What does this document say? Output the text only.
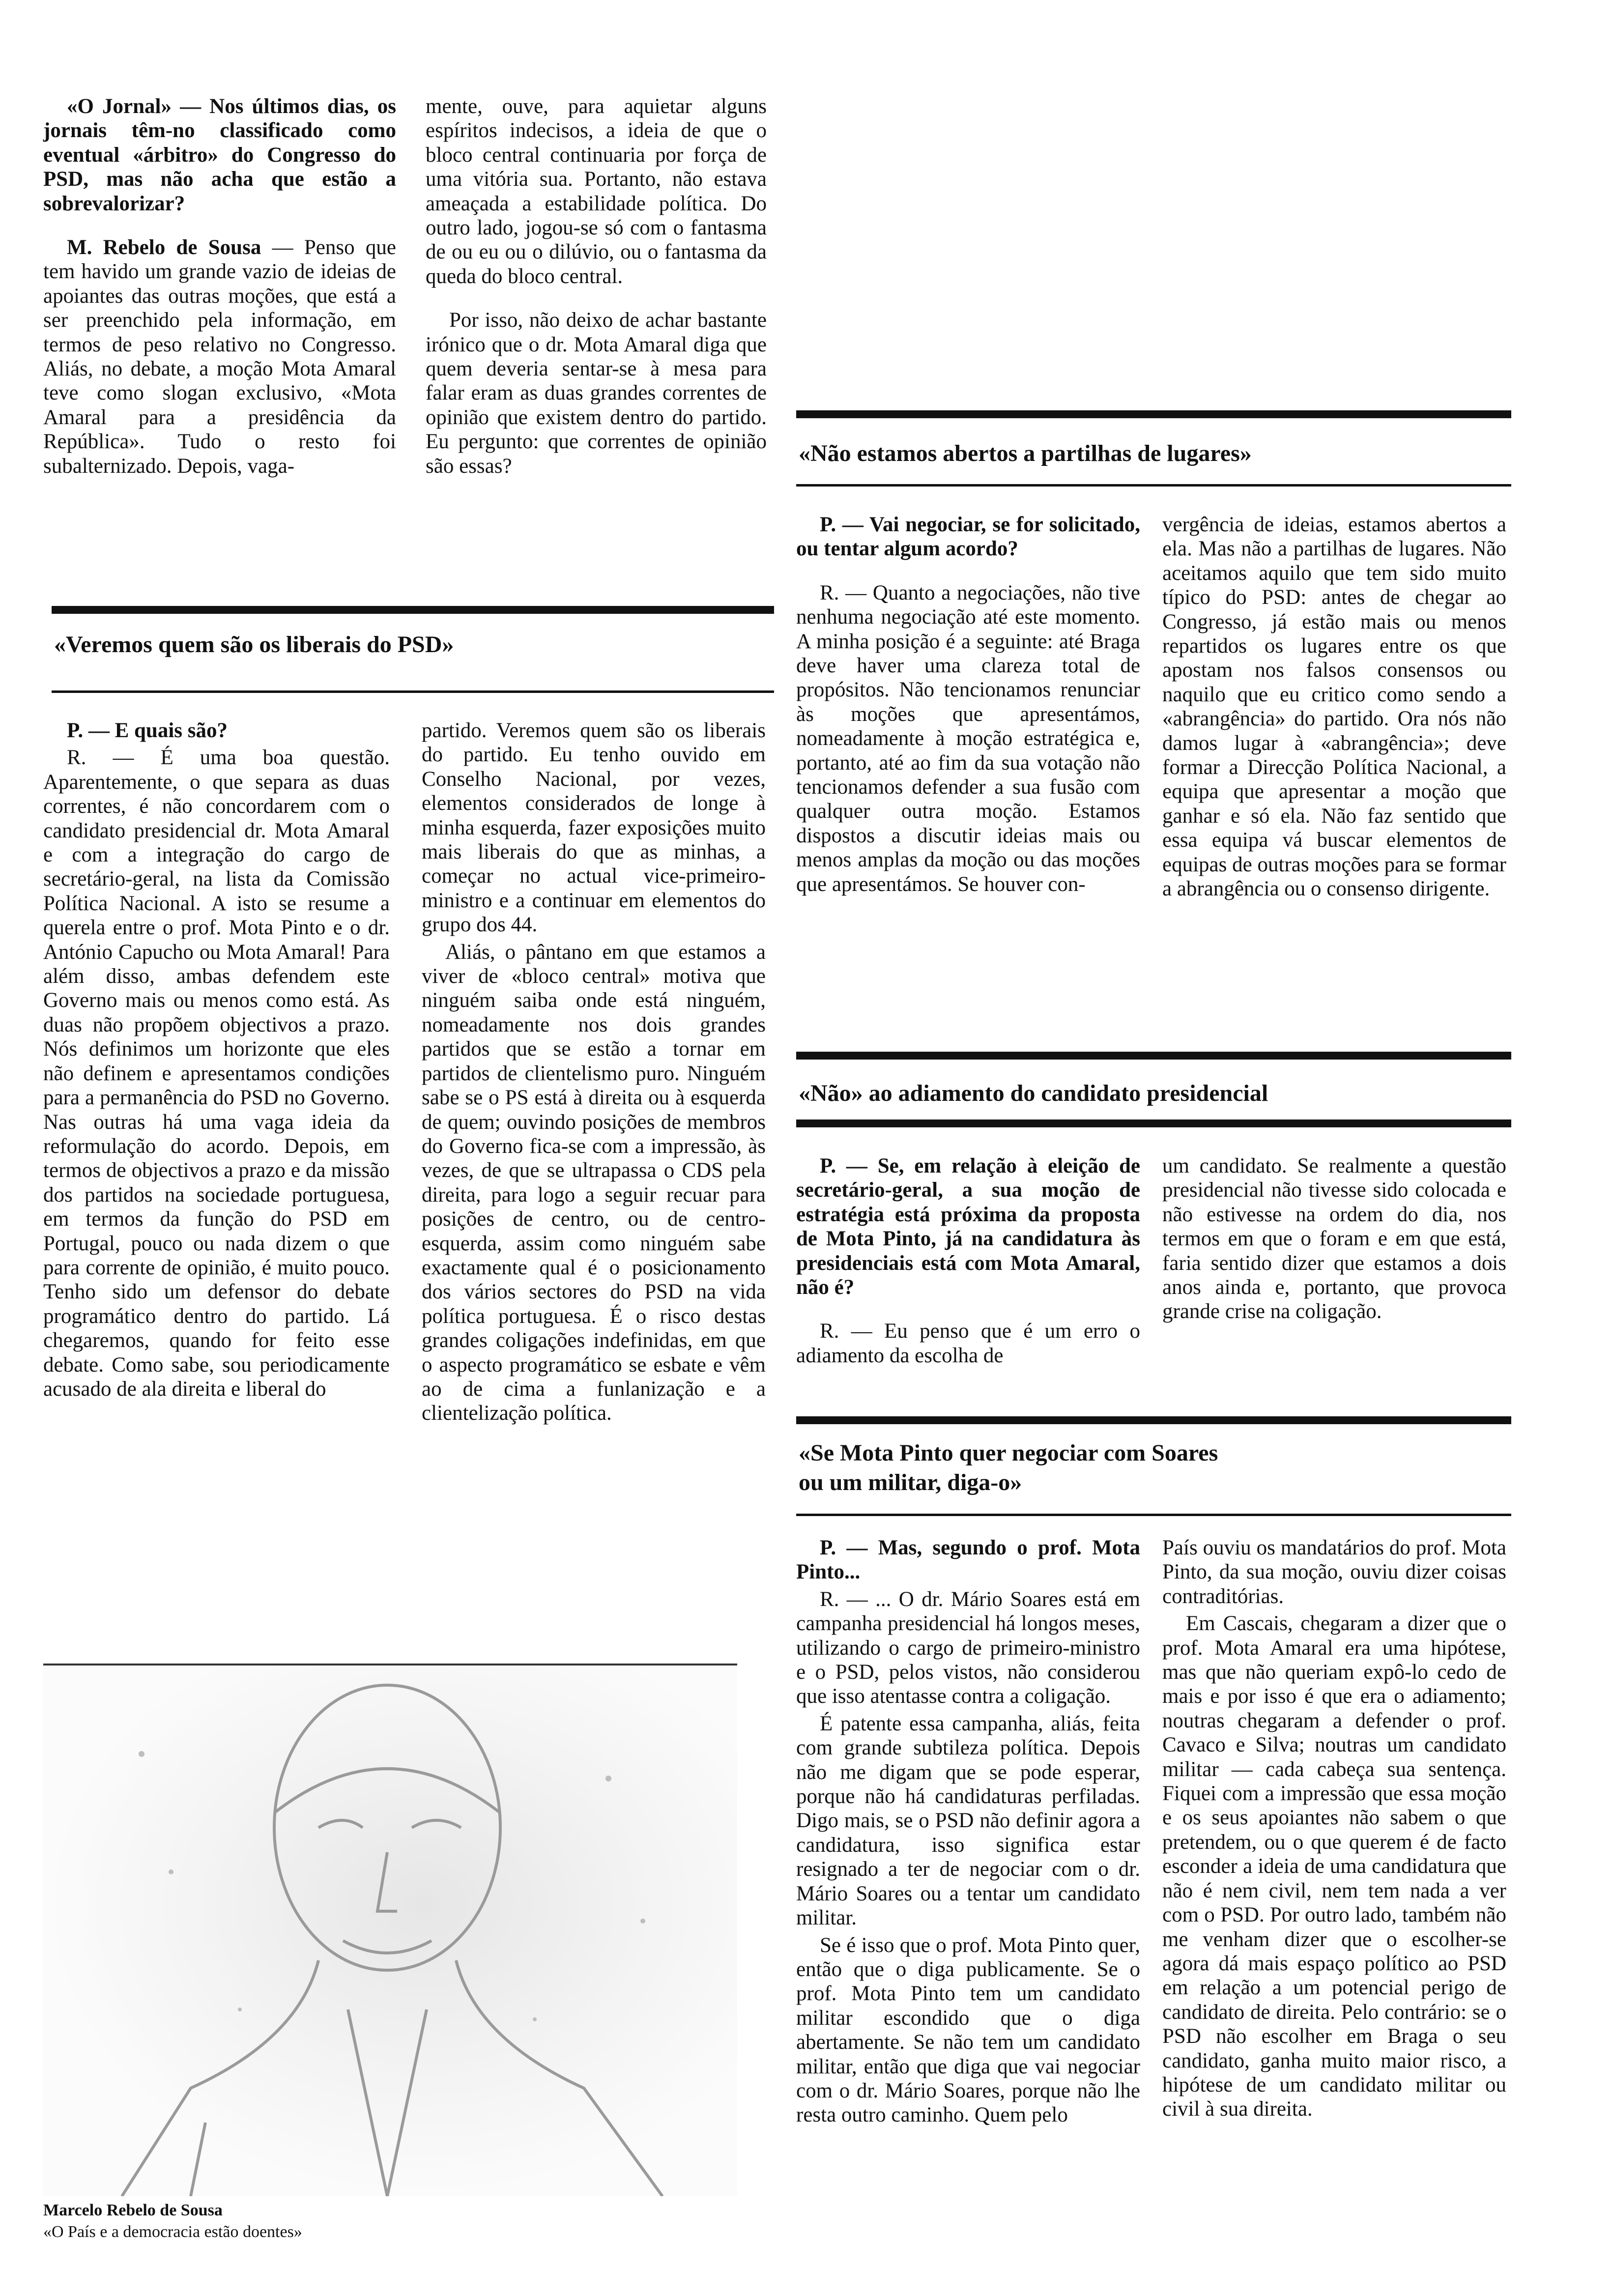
«O Jornal» — Nos últimos dias, os jornais têm-no classificado como eventual «árbitro» do Congresso do PSD, mas não acha que estão a sobrevalorizar?

M. Rebelo de Sousa — Penso que tem havido um grande vazio de ideias de apoiantes das outras moções, que está a ser preenchido pela informação, em termos de peso relativo no Congresso. Aliás, no debate, a moção Mota Amaral teve como slogan exclusivo, «Mota Amaral para a presidência da República». Tudo o resto foi subalternizado. Depois, vaga-

mente, ouve, para aquietar alguns espíritos indecisos, a ideia de que o bloco central continuaria por força de uma vitória sua. Portanto, não estava ameaçada a estabilidade política. Do outro lado, jogou-se só com o fantasma de ou eu ou o dilúvio, ou o fantasma da queda do bloco central.

Por isso, não deixo de achar bastante irónico que o dr. Mota Amaral diga que quem deveria sentar-se à mesa para falar eram as duas grandes correntes de opinião que existem dentro do partido. Eu pergunto: que correntes de opinião são essas?

«Veremos quem são os liberais do PSD»

P. — E quais são?

R. — É uma boa questão. Aparentemente, o que separa as duas correntes, é não concordarem com o candidato presidencial dr. Mota Amaral e com a integração do cargo de secretário-geral, na lista da Comissão Política Nacional. A isto se resume a querela entre o prof. Mota Pinto e o dr. António Capucho ou Mota Amaral! Para além disso, ambas defendem este Governo mais ou menos como está. As duas não propõem objectivos a prazo. Nós definimos um horizonte que eles não definem e apresentamos condições para a permanência do PSD no Governo. Nas outras há uma vaga ideia da reformulação do acordo. Depois, em termos de objectivos a prazo e da missão dos partidos na sociedade portuguesa, em termos da função do PSD em Portugal, pouco ou nada dizem o que para corrente de opinião, é muito pouco. Tenho sido um defensor do debate programático dentro do partido. Lá chegaremos, quando for feito esse debate. Como sabe, sou periodicamente acusado de ala direita e liberal do

partido. Veremos quem são os liberais do partido. Eu tenho ouvido em Conselho Nacional, por vezes, elementos considerados de longe à minha esquerda, fazer exposições muito mais liberais do que as minhas, a começar no actual vice-primeiro-ministro e a continuar em elementos do grupo dos 44.

Aliás, o pântano em que estamos a viver de «bloco central» motiva que ninguém saiba onde está ninguém, nomeadamente nos dois grandes partidos que se estão a tornar em partidos de clientelismo puro. Ninguém sabe se o PS está à direita ou à esquerda de quem; ouvindo posições de membros do Governo fica-se com a impressão, às vezes, de que se ultrapassa o CDS pela direita, para logo a seguir recuar para posições de centro, ou de centro-esquerda, assim como ninguém sabe exactamente qual é o posicionamento dos vários sectores do PSD na vida política portuguesa. É o risco destas grandes coligações indefinidas, em que o aspecto programático se esbate e vêm ao de cima a funlanização e a clientelização política.

Marcelo Rebelo de Sousa
«O País e a democracia estão doentes»
«Não estamos abertos a partilhas de lugares»

P. — Vai negociar, se for solicitado, ou tentar algum acordo?

R. — Quanto a negociações, não tive nenhuma negociação até este momento. A minha posição é a seguinte: até Braga deve haver uma clareza total de propósitos. Não tencionamos renunciar às moções que apresentámos, nomeadamente à moção estratégica e, portanto, até ao fim da sua votação não tencionamos defender a sua fusão com qualquer outra moção. Estamos dispostos a discutir ideias mais ou menos amplas da moção ou das moções que apresentámos. Se houver con-

vergência de ideias, estamos abertos a ela. Mas não a partilhas de lugares. Não aceitamos aquilo que tem sido muito típico do PSD: antes de chegar ao Congresso, já estão mais ou menos repartidos os lugares entre os que apostam nos falsos consensos ou naquilo que eu critico como sendo a «abrangência» do partido. Ora nós não damos lugar à «abrangência»; deve formar a Direcção Política Nacional, a equipa que apresentar a moção que ganhar e só ela. Não faz sentido que essa equipa vá buscar elementos de equipas de outras moções para se formar a abrangência ou o consenso dirigente.

«Não» ao adiamento do candidato presidencial

P. — Se, em relação à eleição de secretário-geral, a sua moção de estratégia está próxima da proposta de Mota Pinto, já na candidatura às presidenciais está com Mota Amaral, não é?

R. — Eu penso que é um erro o adiamento da escolha de

um candidato. Se realmente a questão presidencial não tivesse sido colocada e não estivesse na ordem do dia, nos termos em que o foram e em que está, faria sentido dizer que estamos a dois anos ainda e, portanto, que provoca grande crise na coligação.

«Se Mota Pinto quer negociar com Soares
ou um militar, diga-o»

P. — Mas, segundo o prof. Mota Pinto...

R. — ... O dr. Mário Soares está em campanha presidencial há longos meses, utilizando o cargo de primeiro-ministro e o PSD, pelos vistos, não considerou que isso atentasse contra a coligação.

É patente essa campanha, aliás, feita com grande subtileza política. Depois não me digam que se pode esperar, porque não há candidaturas perfiladas. Digo mais, se o PSD não definir agora a candidatura, isso significa estar resignado a ter de negociar com o dr. Mário Soares ou a tentar um candidato militar.

Se é isso que o prof. Mota Pinto quer, então que o diga publicamente. Se o prof. Mota Pinto tem um candidato militar escondido que o diga abertamente. Se não tem um candidato militar, então que diga que vai negociar com o dr. Mário Soares, porque não lhe resta outro caminho. Quem pelo

País ouviu os mandatários do prof. Mota Pinto, da sua moção, ouviu dizer coisas contraditórias.

Em Cascais, chegaram a dizer que o prof. Mota Amaral era uma hipótese, mas que não queriam expô-lo cedo de mais e por isso é que era o adiamento; noutras chegaram a defender o prof. Cavaco e Silva; noutras um candidato militar — cada cabeça sua sentença. Fiquei com a impressão que essa moção e os seus apoiantes não sabem o que pretendem, ou o que querem é de facto esconder a ideia de uma candidatura que não é nem civil, nem tem nada a ver com o PSD. Por outro lado, também não me venham dizer que o escolher-se agora dá mais espaço político ao PSD em relação a um potencial perigo de candidato de direita. Pelo contrário: se o PSD não escolher em Braga o seu candidato, ganha muito maior risco, a hipótese de um candidato militar ou civil à sua direita.
